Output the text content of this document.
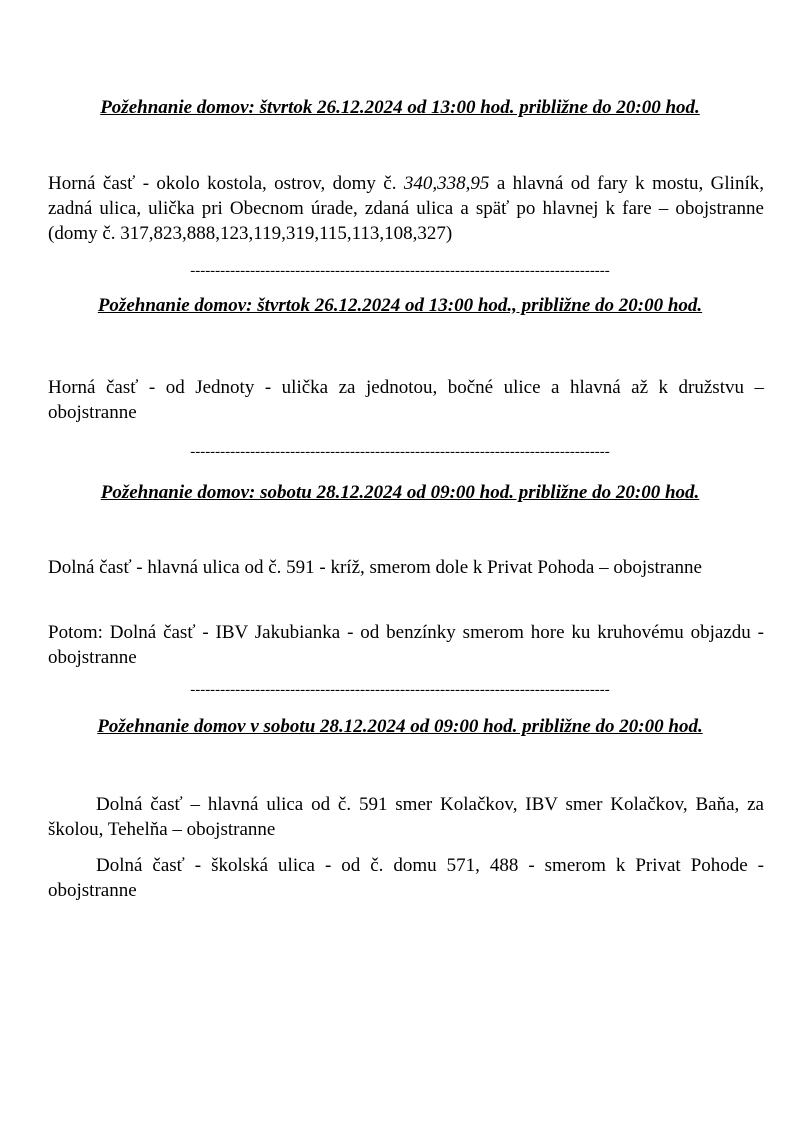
Požehnanie domov: štvrtok 26.12.2024 od 13:00 hod. približne do 20:00 hod.
Horná časť - okolo kostola, ostrov, domy č. 340,338,95 a hlavná od fary k mostu, Gliník, zadná ulica, ulička pri Obecnom úrade, zdaná ulica a späť po hlavnej k fare – obojstranne (domy č. 317,823,888,123,119,319,115,113,108,327)
------------------------------------------------------------------------------------
Požehnanie domov: štvrtok 26.12.2024 od 13:00 hod., približne do 20:00 hod.
Horná časť - od Jednoty - ulička za jednotou, bočné ulice a hlavná až k družstvu – obojstranne
------------------------------------------------------------------------------------
Požehnanie domov: sobotu 28.12.2024 od 09:00 hod. približne do 20:00 hod.
Dolná časť - hlavná ulica od č. 591 - kríž, smerom dole k Privat Pohoda – obojstranne
Potom: Dolná časť - IBV Jakubianka - od benzínky smerom hore ku kruhovému objazdu - obojstranne
------------------------------------------------------------------------------------
Požehnanie domov v sobotu 28.12.2024 od 09:00 hod. približne do 20:00 hod.
Dolná časť – hlavná ulica od č. 591 smer Kolačkov, IBV smer Kolačkov, Baňa, za školou, Tehelňa – obojstranne
Dolná časť - školská ulica - od č. domu 571, 488 - smerom k Privat Pohode - obojstranne
